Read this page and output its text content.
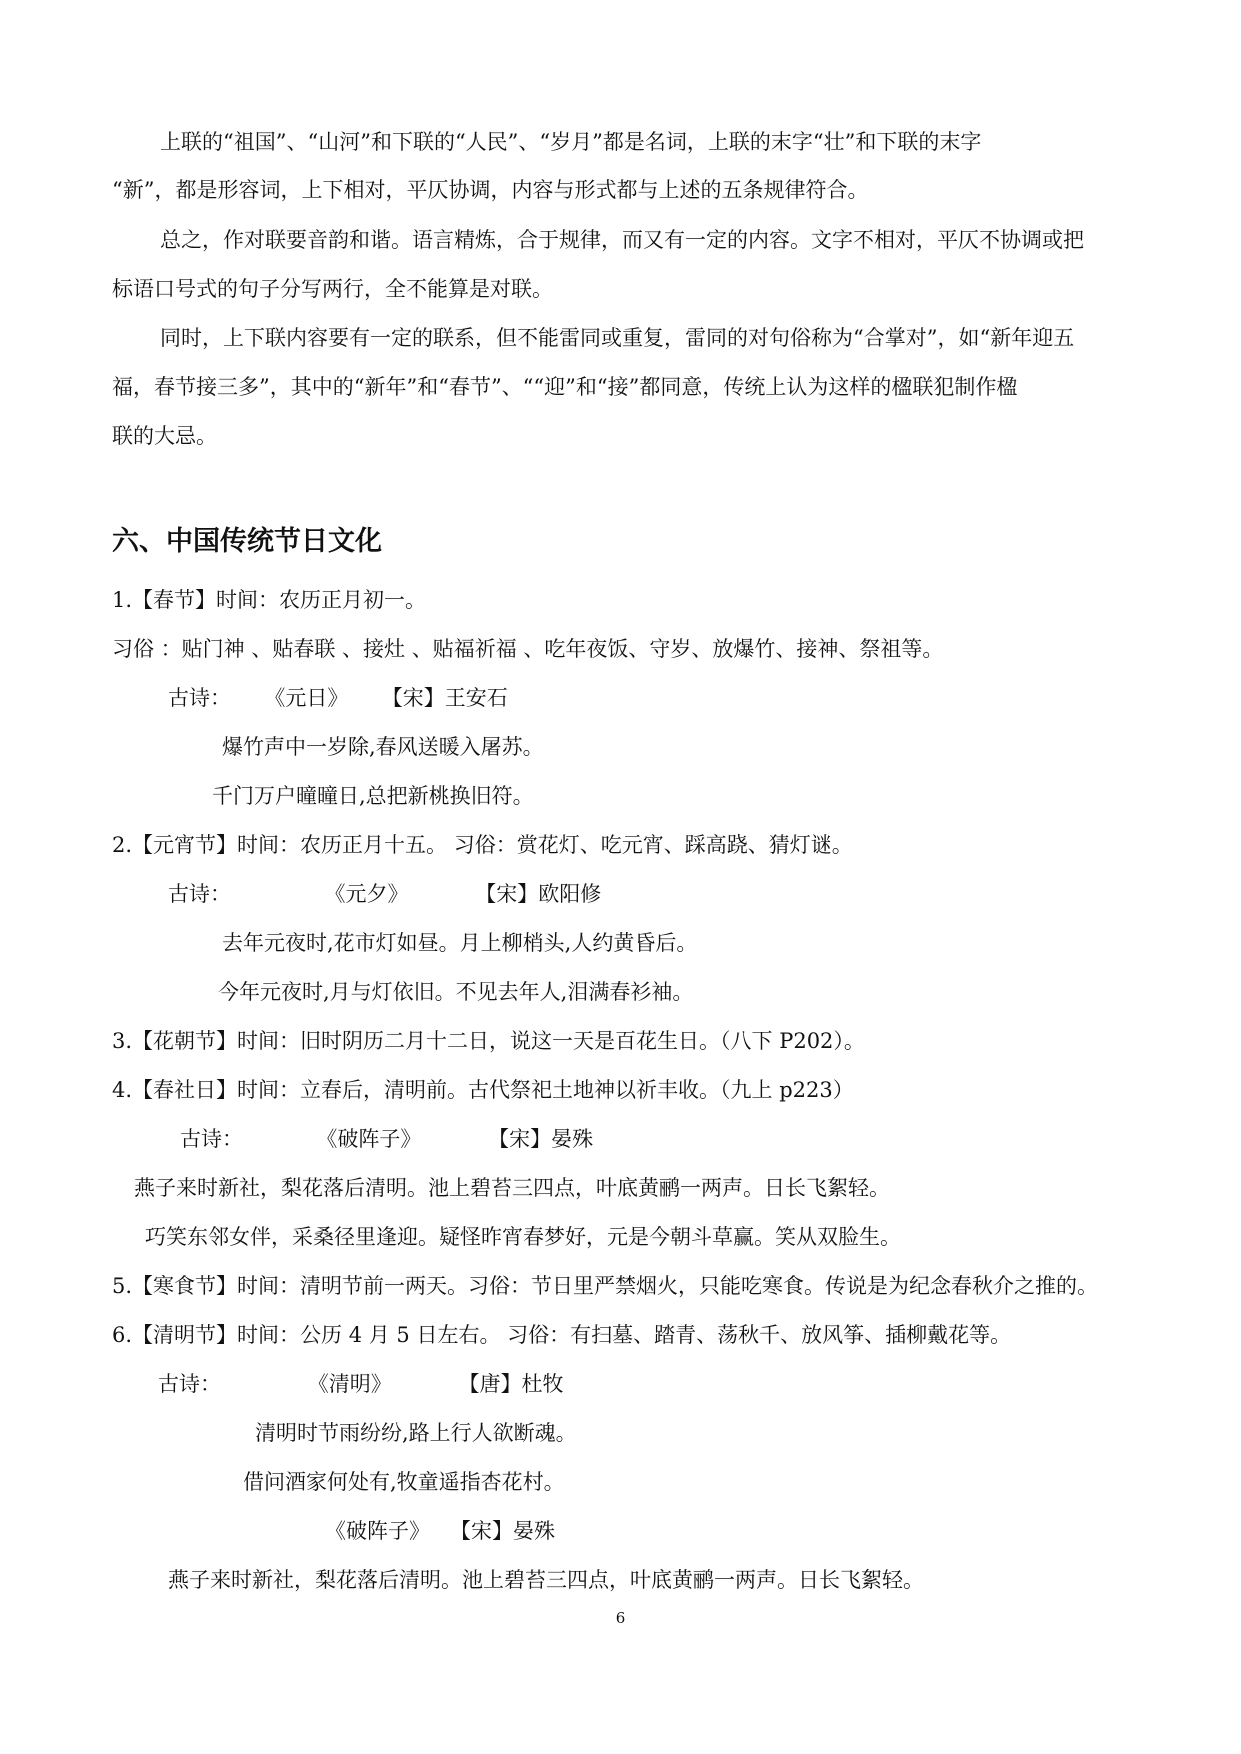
上联的“祖国”、“山河”和下联的“人民”、“岁月”都是名词，上联的末字“壮”和下联的末字
“新”，都是形容词，上下相对，平仄协调，内容与形式都与上述的五条规律符合。
总之，作对联要音韵和谐。语言精炼，合于规律，而又有一定的内容。文字不相对，平仄不协调或把
标语口号式的句子分写两行，全不能算是对联。
同时，上下联内容要有一定的联系，但不能雷同或重复，雷同的对句俗称为“合掌对”，如“新年迎五
福，春节接三多”，其中的“新年”和“春节”、““迎”和“接”都同意，传统上认为这样的楹联犯制作楹
联的大忌。
六、中国传统节日文化
1.【春节】时间：农历正月初一。
习俗 ：贴门神 、贴春联 、接灶 、贴福祈福 、吃年夜饭、守岁、放爆竹、接神、祭祖等。
古诗：     《元日》     【宋】王安石
爆竹声中一岁除,春风送暖入屠苏。
千门万户曈曈日,总把新桃换旧符。
2.【元宵节】时间：农历正月十五。 习俗：赏花灯、吃元宵、踩高跷、猜灯谜。
古诗：              《元夕》          【宋】欧阳修
去年元夜时,花市灯如昼。月上柳梢头,人约黄昏后。
今年元夜时,月与灯依旧。不见去年人,泪满春衫袖。
3.【花朝节】时间：旧时阴历二月十二日，说这一天是百花生日。（八下 P202）。
4.【春社日】时间：立春后，清明前。古代祭祀土地神以祈丰收。（九上 p223）
古诗：           《破阵子》          【宋】晏殊
燕子来时新社，梨花落后清明。池上碧苔三四点，叶底黄鹂一两声。日长飞絮轻。
巧笑东邻女伴，采桑径里逢迎。疑怪昨宵春梦好，元是今朝斗草赢。笑从双脸生。
5.【寒食节】时间：清明节前一两天。习俗：节日里严禁烟火，只能吃寒食。传说是为纪念春秋介之推的。
6.【清明节】时间：公历 4 月 5 日左右。 习俗：有扫墓、踏青、荡秋千、放风筝、插柳戴花等。
古诗：             《清明》          【唐】杜牧
清明时节雨纷纷,路上行人欲断魂。
借问酒家何处有,牧童遥指杏花村。
《破阵子》   【宋】晏殊
燕子来时新社，梨花落后清明。池上碧苔三四点，叶底黄鹂一两声。日长飞絮轻。
6
